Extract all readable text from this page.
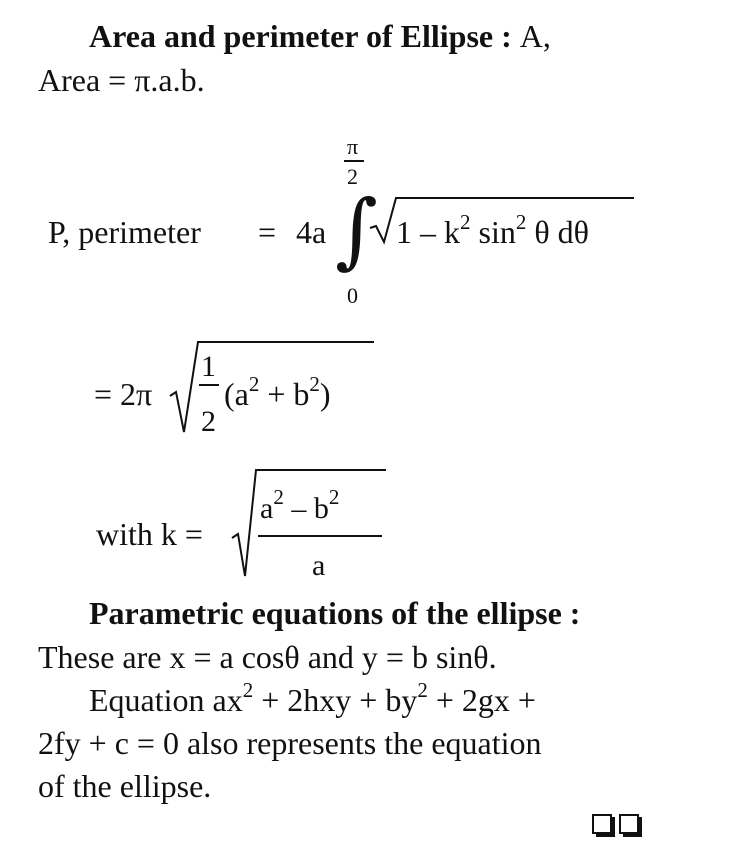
Area and perimeter of Ellipse : A,
Area = π.a.b.
P, perimeter = 4a
π
2
∫
0
$1 - k^2$ $\sin^2 \theta$ dθ
= 2π
1
2
$(a^2 + b^2)$
with k =
$a^2 - b^2$
a
Parametric equations of the ellipse :
These are x = a cosθ and y = b sinθ.
Equation $ax^2 + 2hxy + by^2 + 2gx$ +
2fy + c = 0 also represents the equation
of the ellipse.
